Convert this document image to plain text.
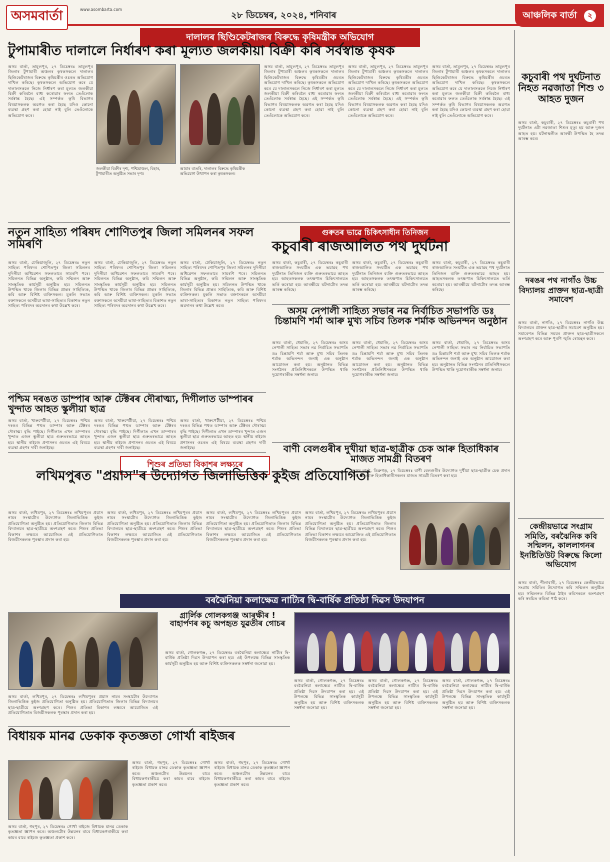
অসমবাৰ্তা	www.asombarta.com
২৮ ডিচেম্বৰ, ২০২৪, শনিবাৰ	আঞ্চলিক বাৰ্তা ২
দালালৰ ছিণ্ডিকেটৰাজৰ বিৰুদ্ধে কৃষিমন্ত্ৰীক অভিযোগ
টুপামাৰীত দালালে নিৰ্ধাৰণ কৰা মূল্যত জলকীয়া বিক্ৰী কৰি সৰ্বস্বান্ত কৃষক
অসম বাৰ্তা, তামুলপুৰ, ২৭ ডিচেম্বৰঃ তামুলপুৰ জিলাৰ টুপামাৰী অঞ্চলৰ কৃষকসকলে দালালৰ ছিণ্ডিকেটৰাজৰ বিৰুদ্ধে কৃষিমন্ত্ৰীৰ ওচৰত অভিযোগ দাখিল কৰিছে। কৃষকসকলে অভিযোগ কৰে যে দালালসকলে নিজে নিৰ্ধাৰণ কৰা মূল্যত জলকীয়া বিক্ৰী কৰিবলৈ বাধ্য কৰোৱাৰ ফলত তেওঁলোক সৰ্বস্বান্ত হৈছে। এই সম্পৰ্কত কৃষি বিভাগৰ বিষয়াসকলক অৱগত কৰা হৈছে যদিও কোনো ব্যৱস্থা গ্ৰহণ কৰা হোৱা নাই বুলি তেওঁলোকে অভিযোগ কৰে।
জলকীয়া বিক্ৰীৰ দৃশ্য, পশ্চিমাঞ্চল, বিহাৰ, টুপামাৰীত অনুষ্ঠিত সভাৰ দৃশ্য।
আমাৰ বাতৰি, দালালৰ বিৰুদ্ধে কৃষিমন্ত্ৰীক অভিযোগ উত্থাপন কৰা কৃষকসকল।
অসম বাৰ্তা, তামুলপুৰ, ২৭ ডিচেম্বৰঃ তামুলপুৰ জিলাৰ টুপামাৰী অঞ্চলৰ কৃষকসকলে দালালৰ ছিণ্ডিকেটৰাজৰ বিৰুদ্ধে কৃষিমন্ত্ৰীৰ ওচৰত অভিযোগ দাখিল কৰিছে। কৃষকসকলে অভিযোগ কৰে যে দালালসকলে নিজে নিৰ্ধাৰণ কৰা মূল্যত জলকীয়া বিক্ৰী কৰিবলৈ বাধ্য কৰোৱাৰ ফলত তেওঁলোক সৰ্বস্বান্ত হৈছে। এই সম্পৰ্কত কৃষি বিভাগৰ বিষয়াসকলক অৱগত কৰা হৈছে যদিও কোনো ব্যৱস্থা গ্ৰহণ কৰা হোৱা নাই বুলি তেওঁলোকে অভিযোগ কৰে।
অসম বাৰ্তা, তামুলপুৰ, ২৭ ডিচেম্বৰঃ তামুলপুৰ জিলাৰ টুপামাৰী অঞ্চলৰ কৃষকসকলে দালালৰ ছিণ্ডিকেটৰাজৰ বিৰুদ্ধে কৃষিমন্ত্ৰীৰ ওচৰত অভিযোগ দাখিল কৰিছে। কৃষকসকলে অভিযোগ কৰে যে দালালসকলে নিজে নিৰ্ধাৰণ কৰা মূল্যত জলকীয়া বিক্ৰী কৰিবলৈ বাধ্য কৰোৱাৰ ফলত তেওঁলোক সৰ্বস্বান্ত হৈছে। এই সম্পৰ্কত কৃষি বিভাগৰ বিষয়াসকলক অৱগত কৰা হৈছে যদিও কোনো ব্যৱস্থা গ্ৰহণ কৰা হোৱা নাই বুলি তেওঁলোকে অভিযোগ কৰে।
অসম বাৰ্তা, তামুলপুৰ, ২৭ ডিচেম্বৰঃ তামুলপুৰ জিলাৰ টুপামাৰী অঞ্চলৰ কৃষকসকলে দালালৰ ছিণ্ডিকেটৰাজৰ বিৰুদ্ধে কৃষিমন্ত্ৰীৰ ওচৰত অভিযোগ দাখিল কৰিছে। কৃষকসকলে অভিযোগ কৰে যে দালালসকলে নিজে নিৰ্ধাৰণ কৰা মূল্যত জলকীয়া বিক্ৰী কৰিবলৈ বাধ্য কৰোৱাৰ ফলত তেওঁলোক সৰ্বস্বান্ত হৈছে। এই সম্পৰ্কত কৃষি বিভাগৰ বিষয়াসকলক অৱগত কৰা হৈছে যদিও কোনো ব্যৱস্থা গ্ৰহণ কৰা হোৱা নাই বুলি তেওঁলোকে অভিযোগ কৰে।
নতুন সাহিত্য পৰিষদ শোণিতপুৰ জিলা সমিলনৰ সফল সামৰণি
অসম বাৰ্তা, ঢেকিয়াজুলি, ২৭ ডিচেম্বৰঃ নতুন সাহিত্য পৰিষদৰ শোণিতপুৰ জিলা সমিলনৰ দুদিনীয়া অধিৱেশন সফলতাৰে সামৰণি পৰে। সমিলনত বিভিন্ন অনুষ্ঠান, কবি সন্মিলন আৰু সাংস্কৃতিক কাৰ্যসূচী অনুষ্ঠিত হয়। সমিলনত উপস্থিত থাকে জিলাৰ বিভিন্ন প্ৰান্তৰ সাহিত্যিক, কবি আৰু বিশিষ্ট ব্যক্তিসকল। মুকলি সভাত বক্তাসকলে অসমীয়া ভাষা-সাহিত্যৰ বিকাশত নতুন সাহিত্য পৰিষদৰ অৱদানৰ কথা উল্লেখ কৰে।
অসম বাৰ্তা, ঢেকিয়াজুলি, ২৭ ডিচেম্বৰঃ নতুন সাহিত্য পৰিষদৰ শোণিতপুৰ জিলা সমিলনৰ দুদিনীয়া অধিৱেশন সফলতাৰে সামৰণি পৰে। সমিলনত বিভিন্ন অনুষ্ঠান, কবি সন্মিলন আৰু সাংস্কৃতিক কাৰ্যসূচী অনুষ্ঠিত হয়। সমিলনত উপস্থিত থাকে জিলাৰ বিভিন্ন প্ৰান্তৰ সাহিত্যিক, কবি আৰু বিশিষ্ট ব্যক্তিসকল। মুকলি সভাত বক্তাসকলে অসমীয়া ভাষা-সাহিত্যৰ বিকাশত নতুন সাহিত্য পৰিষদৰ অৱদানৰ কথা উল্লেখ কৰে।
অসম বাৰ্তা, ঢেকিয়াজুলি, ২৭ ডিচেম্বৰঃ নতুন সাহিত্য পৰিষদৰ শোণিতপুৰ জিলা সমিলনৰ দুদিনীয়া অধিৱেশন সফলতাৰে সামৰণি পৰে। সমিলনত বিভিন্ন অনুষ্ঠান, কবি সন্মিলন আৰু সাংস্কৃতিক কাৰ্যসূচী অনুষ্ঠিত হয়। সমিলনত উপস্থিত থাকে জিলাৰ বিভিন্ন প্ৰান্তৰ সাহিত্যিক, কবি আৰু বিশিষ্ট ব্যক্তিসকল। মুকলি সভাত বক্তাসকলে অসমীয়া ভাষা-সাহিত্যৰ বিকাশত নতুন সাহিত্য পৰিষদৰ অৱদানৰ কথা উল্লেখ কৰে।
গুৰুতৰ ভাৱে চিকিৎসাধীন তিনিজন
কচুবাৰী ৰাজআলিত পথ দুৰ্ঘটনা
অসম বাৰ্তা, কচুবাৰী, ২৭ ডিচেম্বৰঃ কচুবাৰী ৰাজআলিত সংঘটিত এক ভয়াৱহ পথ দুৰ্ঘটনাত তিনিজন ব্যক্তি গুৰুতৰভাৱে আহত হয়। আহতসকলক তৎক্ষণাত চিকিৎসালয়ত ভৰ্তি কৰোৱা হয়। আৰক্ষীয়ে ঘটনাটোৰ তদন্ত আৰম্ভ কৰিছে।
অসম বাৰ্তা, কচুবাৰী, ২৭ ডিচেম্বৰঃ কচুবাৰী ৰাজআলিত সংঘটিত এক ভয়াৱহ পথ দুৰ্ঘটনাত তিনিজন ব্যক্তি গুৰুতৰভাৱে আহত হয়। আহতসকলক তৎক্ষণাত চিকিৎসালয়ত ভৰ্তি কৰোৱা হয়। আৰক্ষীয়ে ঘটনাটোৰ তদন্ত আৰম্ভ কৰিছে।
অসম বাৰ্তা, কচুবাৰী, ২৭ ডিচেম্বৰঃ কচুবাৰী ৰাজআলিত সংঘটিত এক ভয়াৱহ পথ দুৰ্ঘটনাত তিনিজন ব্যক্তি গুৰুতৰভাৱে আহত হয়। আহতসকলক তৎক্ষণাত চিকিৎসালয়ত ভৰ্তি কৰোৱা হয়। আৰক্ষীয়ে ঘটনাটোৰ তদন্ত আৰম্ভ কৰিছে।
অসম নেপালী সাহিত্য সভাৰ নৱ নিৰ্বাচিত সভাপতি ডঃ চিন্তামণি শৰ্মা আৰু মুখ্য সচিব তিলক শৰ্মাক অভিনন্দন অনুষ্ঠান
অসম বাৰ্তা, ধেমাজি, ২৭ ডিচেম্বৰঃ অসম নেপালী সাহিত্য সভাৰ নৱ নিৰ্বাচিত সভাপতি ডঃ চিন্তামণি শৰ্মা আৰু মুখ্য সচিব তিলক শৰ্মাক অভিনন্দন জনাই এক অনুষ্ঠান আয়োজন কৰা হয়। অনুষ্ঠানত বিভিন্ন সংগঠনৰ প্ৰতিনিধিসকলে উপস্থিত থাকি দুয়োগৰাকীক সম্বৰ্ধনা জনায়।
অসম বাৰ্তা, ধেমাজি, ২৭ ডিচেম্বৰঃ অসম নেপালী সাহিত্য সভাৰ নৱ নিৰ্বাচিত সভাপতি ডঃ চিন্তামণি শৰ্মা আৰু মুখ্য সচিব তিলক শৰ্মাক অভিনন্দন জনাই এক অনুষ্ঠান আয়োজন কৰা হয়। অনুষ্ঠানত বিভিন্ন সংগঠনৰ প্ৰতিনিধিসকলে উপস্থিত থাকি দুয়োগৰাকীক সম্বৰ্ধনা জনায়।
অসম বাৰ্তা, ধেমাজি, ২৭ ডিচেম্বৰঃ অসম নেপালী সাহিত্য সভাৰ নৱ নিৰ্বাচিত সভাপতি ডঃ চিন্তামণি শৰ্মা আৰু মুখ্য সচিব তিলক শৰ্মাক অভিনন্দন জনাই এক অনুষ্ঠান আয়োজন কৰা হয়। অনুষ্ঠানত বিভিন্ন সংগঠনৰ প্ৰতিনিধিসকলে উপস্থিত থাকি দুয়োগৰাকীক সম্বৰ্ধনা জনায়।
পশ্চিম দৰঙত ডাম্পাৰ আৰু টেক্টৰৰ দৌৰাত্ম্য, দিগীলাত ডাম্পাৰৰ খুন্দাত আহত স্কুলীয়া ছাত্ৰ
অসম বাৰ্তা, খাৰুপেটীয়া, ২৭ ডিচেম্বৰঃ পশ্চিম দৰঙৰ বিভিন্ন পথত ডাম্পাৰ আৰু টেক্টৰৰ দৌৰাত্ম্য বৃদ্ধি পাইছে। দিগীলাত এখন ডাম্পাৰৰ খুন্দাত এজন স্কুলীয়া ছাত্ৰ গুৰুতৰভাৱে আহত হয়। স্থানীয় ৰাইজে প্ৰশাসনৰ ওচৰত এই বিষয়ে ব্যৱস্থা গ্ৰহণৰ দাবী জনাইছে।
অসম বাৰ্তা, খাৰুপেটীয়া, ২৭ ডিচেম্বৰঃ পশ্চিম দৰঙৰ বিভিন্ন পথত ডাম্পাৰ আৰু টেক্টৰৰ দৌৰাত্ম্য বৃদ্ধি পাইছে। দিগীলাত এখন ডাম্পাৰৰ খুন্দাত এজন স্কুলীয়া ছাত্ৰ গুৰুতৰভাৱে আহত হয়। স্থানীয় ৰাইজে প্ৰশাসনৰ ওচৰত এই বিষয়ে ব্যৱস্থা গ্ৰহণৰ দাবী জনাইছে।
অসম বাৰ্তা, খাৰুপেটীয়া, ২৭ ডিচেম্বৰঃ পশ্চিম দৰঙৰ বিভিন্ন পথত ডাম্পাৰ আৰু টেক্টৰৰ দৌৰাত্ম্য বৃদ্ধি পাইছে। দিগীলাত এখন ডাম্পাৰৰ খুন্দাত এজন স্কুলীয়া ছাত্ৰ গুৰুতৰভাৱে আহত হয়। স্থানীয় ৰাইজে প্ৰশাসনৰ ওচৰত এই বিষয়ে ব্যৱস্থা গ্ৰহণৰ দাবী জনাইছে।	বাণী বেলগুৰীৰ দুখীয়া ছাত্ৰ-ছাত্ৰীক চেক আৰু হিতাধিকাৰ মাজত সামগ্ৰী বিতৰণ
অসম বাৰ্তা, ডিব্ৰুগড়, ২৭ ডিচেম্বৰঃ বাণী বেলগুৰীৰ উদ্যোগত দুখীয়া ছাত্ৰ-ছাত্ৰীক চেক প্ৰদান কৰা হয় আৰু হিতাধিকাৰীসকলৰ মাজত সামগ্ৰী বিতৰণ কৰা হয়।
শিশুৰ প্ৰতিভা বিকাশৰ লক্ষ্যৰে
লখিমপুৰত "প্ৰয়াস"ৰ উদ্যোগত জিলাভিত্তিক কুইজ প্ৰতিযোগিতা
অসম বাৰ্তা, লখিমপুৰ, ২৭ ডিচেম্বৰঃ লখিমপুৰৰ প্ৰয়াস নামৰ সংস্থাটোৰ উদ্যোগত জিলাভিত্তিক কুইজ প্ৰতিযোগিতা অনুষ্ঠিত হয়। প্ৰতিযোগিতাত জিলাৰ বিভিন্ন বিদ্যালয়ৰ ছাত্ৰ-ছাত্ৰীয়ে অংশগ্ৰহণ কৰে। শিশুৰ প্ৰতিভা বিকাশৰ লক্ষ্যৰে আয়োজিত এই প্ৰতিযোগিতাত বিজয়ীসকলক পুৰস্কাৰ প্ৰদান কৰা হয়।
অসম বাৰ্তা, লখিমপুৰ, ২৭ ডিচেম্বৰঃ লখিমপুৰৰ প্ৰয়াস নামৰ সংস্থাটোৰ উদ্যোগত জিলাভিত্তিক কুইজ প্ৰতিযোগিতা অনুষ্ঠিত হয়। প্ৰতিযোগিতাত জিলাৰ বিভিন্ন বিদ্যালয়ৰ ছাত্ৰ-ছাত্ৰীয়ে অংশগ্ৰহণ কৰে। শিশুৰ প্ৰতিভা বিকাশৰ লক্ষ্যৰে আয়োজিত এই প্ৰতিযোগিতাত বিজয়ীসকলক পুৰস্কাৰ প্ৰদান কৰা হয়।
অসম বাৰ্তা, লখিমপুৰ, ২৭ ডিচেম্বৰঃ লখিমপুৰৰ প্ৰয়াস নামৰ সংস্থাটোৰ উদ্যোগত জিলাভিত্তিক কুইজ প্ৰতিযোগিতা অনুষ্ঠিত হয়। প্ৰতিযোগিতাত জিলাৰ বিভিন্ন বিদ্যালয়ৰ ছাত্ৰ-ছাত্ৰীয়ে অংশগ্ৰহণ কৰে। শিশুৰ প্ৰতিভা বিকাশৰ লক্ষ্যৰে আয়োজিত এই প্ৰতিযোগিতাত বিজয়ীসকলক পুৰস্কাৰ প্ৰদান কৰা হয়।
অসম বাৰ্তা, লখিমপুৰ, ২৭ ডিচেম্বৰঃ লখিমপুৰৰ প্ৰয়াস নামৰ সংস্থাটোৰ উদ্যোগত জিলাভিত্তিক কুইজ প্ৰতিযোগিতা অনুষ্ঠিত হয়। প্ৰতিযোগিতাত জিলাৰ বিভিন্ন বিদ্যালয়ৰ ছাত্ৰ-ছাত্ৰীয়ে অংশগ্ৰহণ কৰে। শিশুৰ প্ৰতিভা বিকাশৰ লক্ষ্যৰে আয়োজিত এই প্ৰতিযোগিতাত বিজয়ীসকলক পুৰস্কাৰ প্ৰদান কৰা হয়।
বৰঝৈনিয়া কলাক্ষেত্ৰ নাট্যিৰ দ্বি-বাৰ্ষিক প্ৰতিষ্ঠা দিৱস উদযাপন
গ্ৰাৰ্লিক গোলকগঞ্জ আৰক্ষীৰ ! বাহাৰ্পণৰ কচু অপহৃত যুৱতীৰ গোচৰ
অসম বাৰ্তা, গোলকগঞ্জ, ২৭ ডিচেম্বৰঃ বৰঝৈনিয়া কলাক্ষেত্ৰ নাট্যিৰ দ্বি-বাৰ্ষিক প্ৰতিষ্ঠা দিৱস উদযাপন কৰা হয়। এই উপলক্ষে বিভিন্ন সাংস্কৃতিক কাৰ্যসূচী অনুষ্ঠিত হয় আৰু বিশিষ্ট ব্যক্তিসকলক সম্বৰ্ধনা জনোৱা হয়।
অসম বাৰ্তা, গোলকগঞ্জ, ২৭ ডিচেম্বৰঃ বৰঝৈনিয়া কলাক্ষেত্ৰ নাট্যিৰ দ্বি-বাৰ্ষিক প্ৰতিষ্ঠা দিৱস উদযাপন কৰা হয়। এই উপলক্ষে বিভিন্ন সাংস্কৃতিক কাৰ্যসূচী অনুষ্ঠিত হয় আৰু বিশিষ্ট ব্যক্তিসকলক সম্বৰ্ধনা জনোৱা হয়।
অসম বাৰ্তা, গোলকগঞ্জ, ২৭ ডিচেম্বৰঃ বৰঝৈনিয়া কলাক্ষেত্ৰ নাট্যিৰ দ্বি-বাৰ্ষিক প্ৰতিষ্ঠা দিৱস উদযাপন কৰা হয়। এই উপলক্ষে বিভিন্ন সাংস্কৃতিক কাৰ্যসূচী অনুষ্ঠিত হয় আৰু বিশিষ্ট ব্যক্তিসকলক সম্বৰ্ধনা জনোৱা হয়।
অসম বাৰ্তা, গোলকগঞ্জ, ২৭ ডিচেম্বৰঃ বৰঝৈনিয়া কলাক্ষেত্ৰ নাট্যিৰ দ্বি-বাৰ্ষিক প্ৰতিষ্ঠা দিৱস উদযাপন কৰা হয়। এই উপলক্ষে বিভিন্ন সাংস্কৃতিক কাৰ্যসূচী অনুষ্ঠিত হয় আৰু বিশিষ্ট ব্যক্তিসকলক সম্বৰ্ধনা জনোৱা হয়।
অসম বাৰ্তা, লখিমপুৰ, ২৭ ডিচেম্বৰঃ লখিমপুৰৰ প্ৰয়াস নামৰ সংস্থাটোৰ উদ্যোগত জিলাভিত্তিক কুইজ প্ৰতিযোগিতা অনুষ্ঠিত হয়। প্ৰতিযোগিতাত জিলাৰ বিভিন্ন বিদ্যালয়ৰ ছাত্ৰ-ছাত্ৰীয়ে অংশগ্ৰহণ কৰে। শিশুৰ প্ৰতিভা বিকাশৰ লক্ষ্যৰে আয়োজিত এই প্ৰতিযোগিতাত বিজয়ীসকলক পুৰস্কাৰ প্ৰদান কৰা হয়।
বিধায়ক মানৱ ডেকাক কৃতজ্ঞতা গোৰ্খা ৰাইজৰ
অসম বাৰ্তা, গহপুৰ, ২৭ ডিচেম্বৰঃ গোৰ্খা ৰাইজে বিধায়ক মানৱ ডেকাক কৃতজ্ঞতা জ্ঞাপন কৰে। অঞ্চলটোৰ উন্নয়নৰ বাবে বিধায়কগৰাকীয়ে কৰা কামৰ বাবে ৰাইজে কৃতজ্ঞতা প্ৰকাশ কৰে।
অসম বাৰ্তা, গহপুৰ, ২৭ ডিচেম্বৰঃ গোৰ্খা ৰাইজে বিধায়ক মানৱ ডেকাক কৃতজ্ঞতা জ্ঞাপন কৰে। অঞ্চলটোৰ উন্নয়নৰ বাবে বিধায়কগৰাকীয়ে কৰা কামৰ বাবে ৰাইজে কৃতজ্ঞতা প্ৰকাশ কৰে।
অসম বাৰ্তা, গহপুৰ, ২৭ ডিচেম্বৰঃ গোৰ্খা ৰাইজে বিধায়ক মানৱ ডেকাক কৃতজ্ঞতা জ্ঞাপন কৰে। অঞ্চলটোৰ উন্নয়নৰ বাবে বিধায়কগৰাকীয়ে কৰা কামৰ বাবে ৰাইজে কৃতজ্ঞতা প্ৰকাশ কৰে।
কচুবাৰী পথ দুৰ্ঘটনাত নিহত নৱজাতা শিশু ৩ আহত দুজন
অসম বাৰ্তা, কচুবাৰী, ২৭ ডিচেম্বৰঃ কচুবাৰী পথ দুৰ্ঘটনাত এটা নৱজাতা শিশুৰ মৃত্যু হয় আৰু দুজন আহত হয়। ঘটনাস্থলীত আৰক্ষী উপস্থিত হৈ তদন্ত আৰম্ভ কৰে।
দৰঙৰ পথ নাগাঁও উচ্চ বিদ্যালয় প্ৰাক্তন ছাত্ৰ-ছাত্ৰী সমাবেশ
অসম বাৰ্তা, নাগাঁও, ২৭ ডিচেম্বৰঃ নাগাঁও উচ্চ বিদ্যালয়ৰ প্ৰাক্তন ছাত্ৰ-ছাত্ৰীৰ সমাবেশ অনুষ্ঠিত হয়। সমাবেশত বিভিন্ন সময়ৰ প্ৰাক্তন ছাত্ৰ-ছাত্ৰীসকলে অংশগ্ৰহণ কৰে আৰু পুৰণি স্মৃতি ৰোমন্থন কৰে।
কেন্দ্ৰীয়ভাৱে সংগ্ৰাম সমিতি, বৰঝৈনিক কবি সন্মিলন, কাললাগনৰ ইনষ্টিতিউট বিৰুদ্ধে কিলো অভিযোগ
অসম বাৰ্তা, শীলাবাৰী, ২৭ ডিচেম্বৰঃ কেন্দ্ৰীয়ভাৱে সংগ্ৰাম সমিতিৰ উদ্যোগত কবি সন্মিলন অনুষ্ঠিত হয়। সন্মিলনত বিভিন্ন ঠাইৰ কবিসকলে অংশগ্ৰহণ কৰি স্বৰচিত কবিতা পাঠ কৰে।
